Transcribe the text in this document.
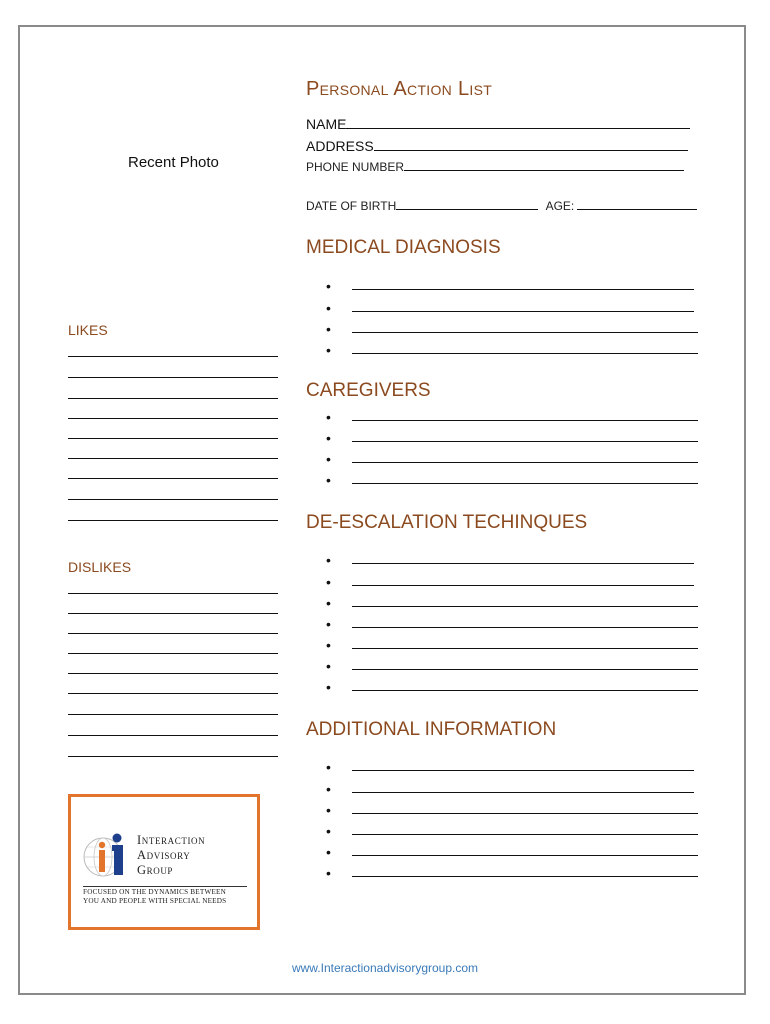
Personal Action List
Recent Photo
NAME
ADDRESS
PHONE NUMBER
DATE OF BIRTH	AGE:
MEDICAL DIAGNOSIS
•
•
•
•
CAREGIVERS
•
•
•
•
DE-ESCALATION TECHINQUES
•
•
•
•
•
•
•
ADDITIONAL INFORMATION
•
•
•
•
•
•
LIKES
DISLIKES
Interaction
Advisory
Group
FOCUSED ON THE DYNAMICS BETWEEN
YOU AND PEOPLE WITH SPECIAL NEEDS
www.Interactionadvisorygroup.com
